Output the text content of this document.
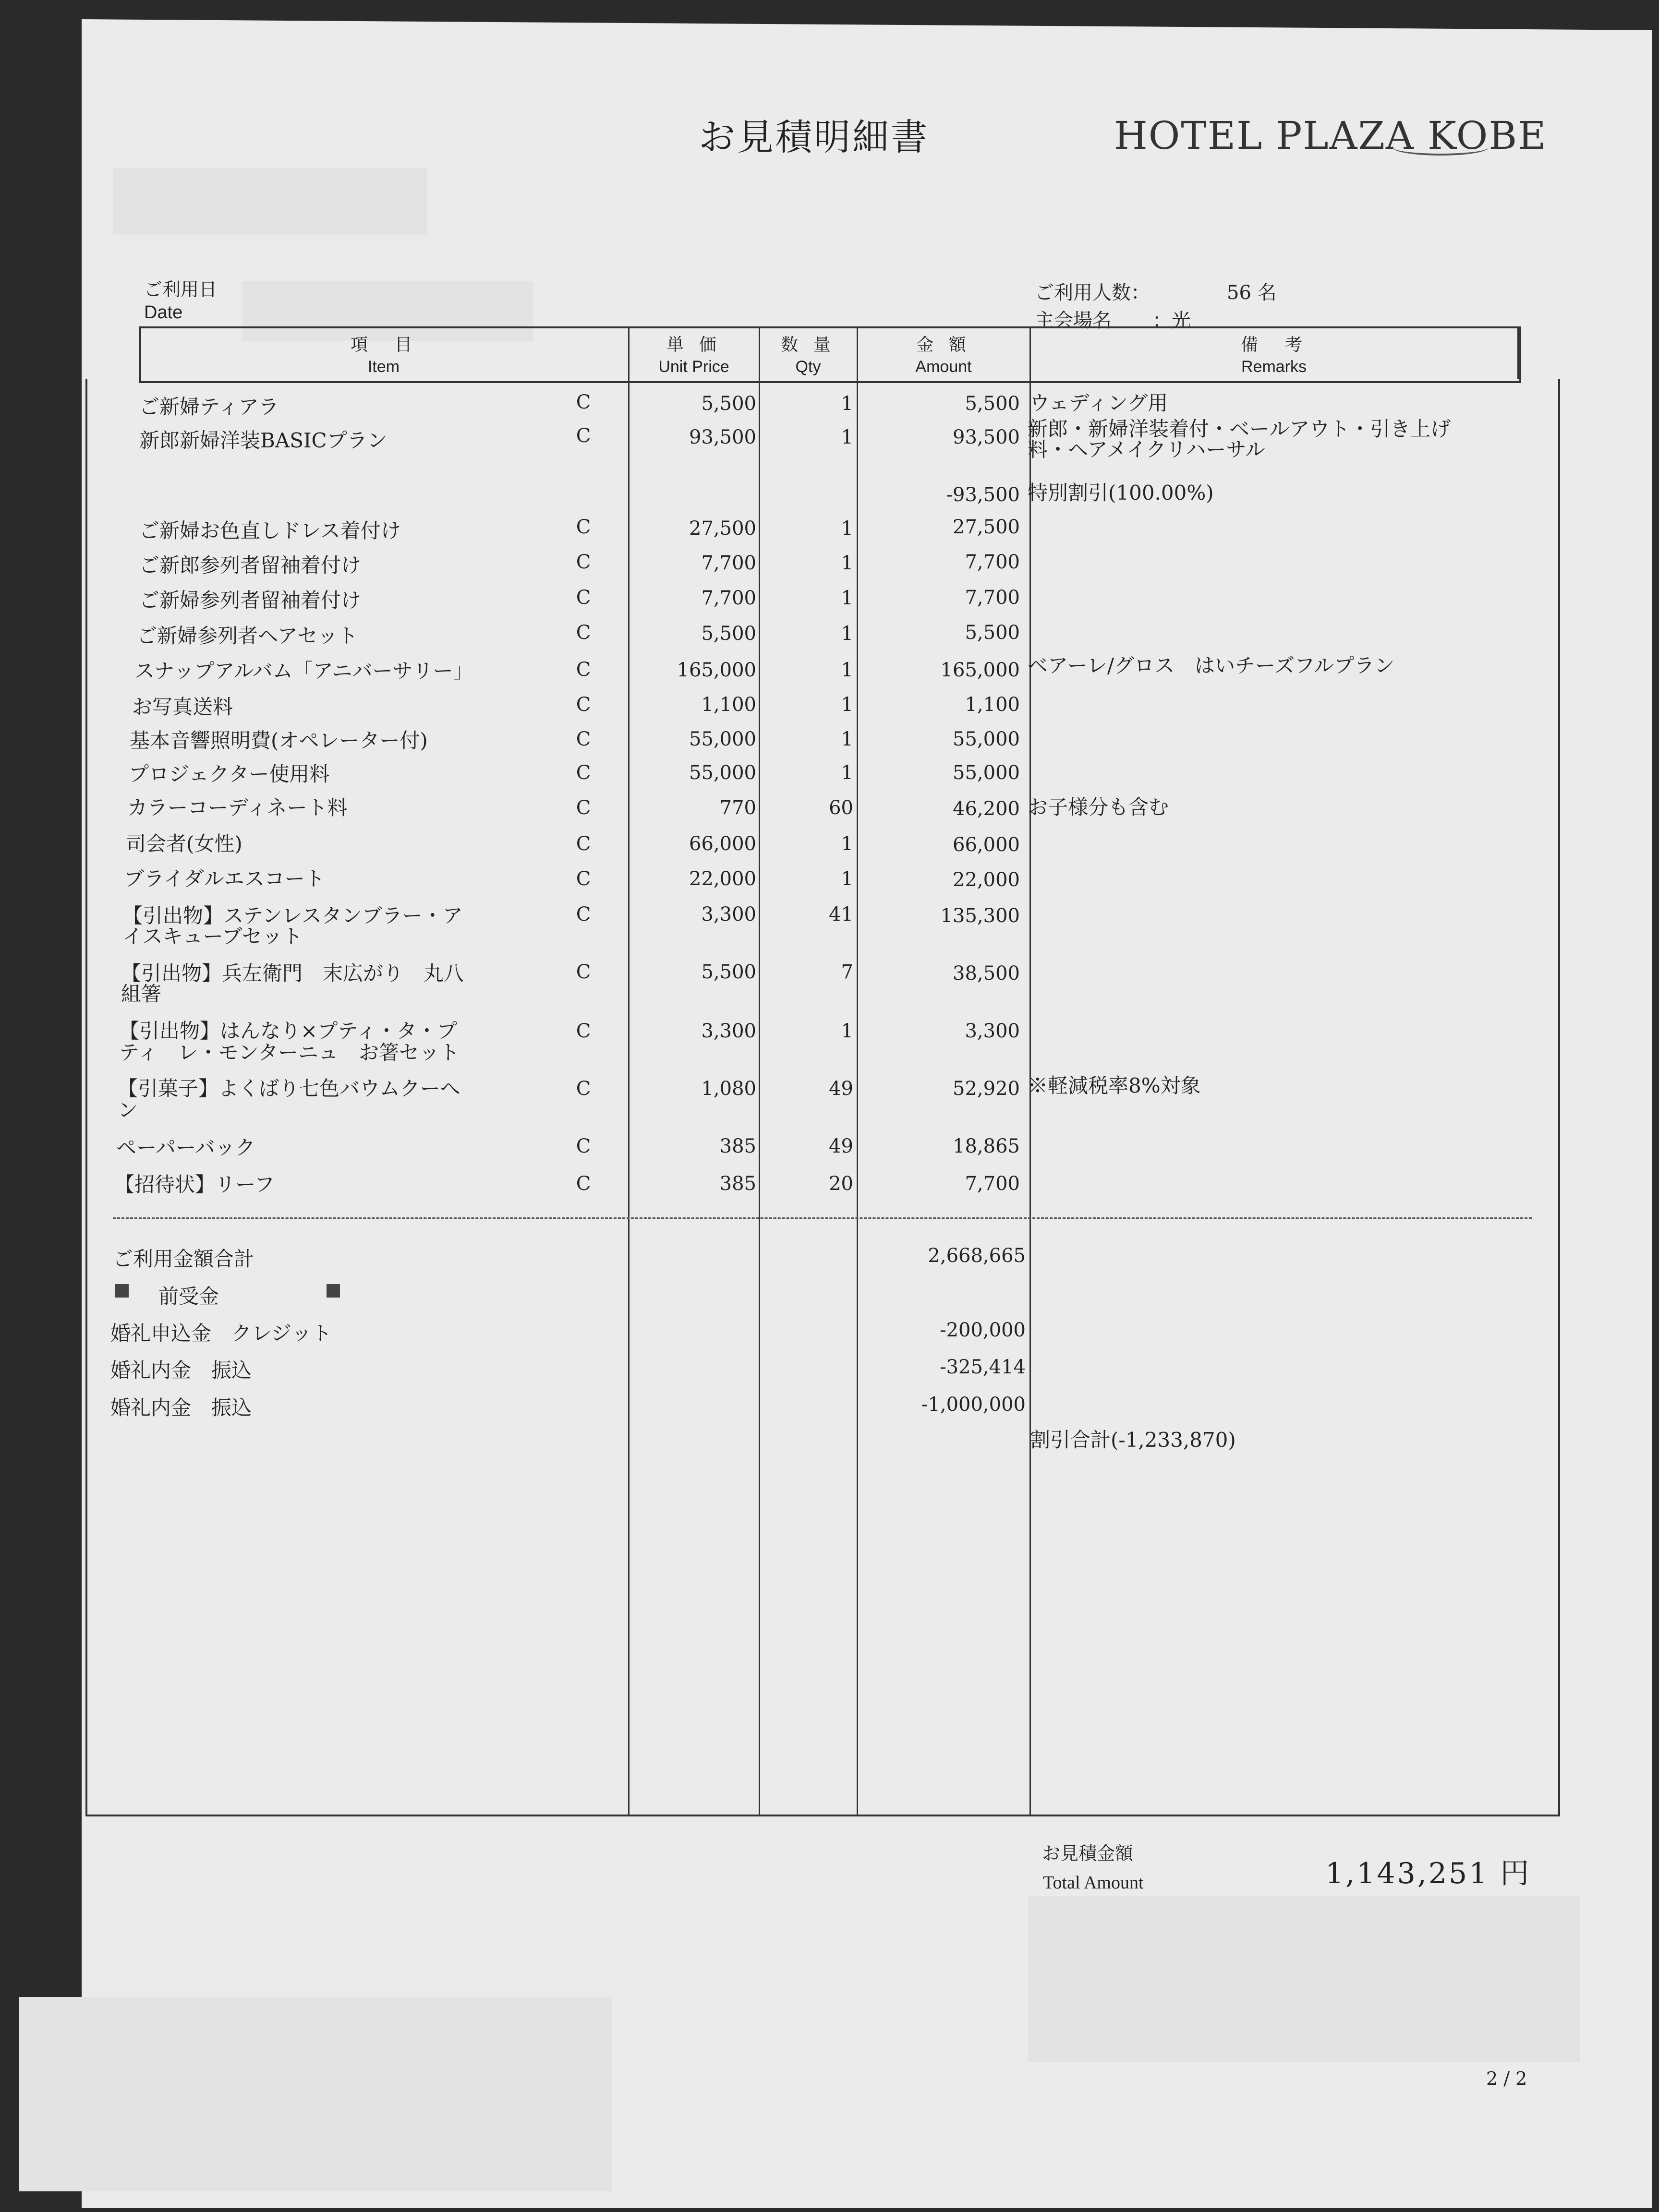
お見積明細書	HOTEL PLAZA KOBE
ご利用日
Date
ご利用人数：	56 名
主会場名 ：光
項　目
Item
単 価
Unit Price
数 量
Qty
金 額
Amount
備　考
Remarks
ご新婦ティアラ	C	5,500	1	5,500 ウェディング用
新郎新婦洋装BASICプラン	C	93,500	1	93,500 新郎・新婦洋装着付・ベールアウト・引き上げ
料・ヘアメイクリハーサル
-93,500 特別割引(100.00%)
ご新婦お色直しドレス着付け	C	27,500	1	27,500
ご新郎参列者留袖着付け	C	7,700	1	7,700
ご新婦参列者留袖着付け	C	7,700	1	7,700
ご新婦参列者ヘアセット	C	5,500	1	5,500
スナップアルバム「アニバーサリー」	C	165,000	1	165,000 ベアーレ/グロス　はいチーズフルプラン
お写真送料	C	1,100	1	1,100
基本音響照明費(オペレーター付)	C	55,000	1	55,000
プロジェクター使用料	C	55,000	1	55,000
カラーコーディネート料	C	770	60	46,200 お子様分も含む
司会者(女性)	C	66,000	1	66,000
ブライダルエスコート	C	22,000	1	22,000
【引出物】ステンレスタンブラー・ア
イスキューブセット
C	3,300	41	135,300
【引出物】兵左衛門　末広がり　丸八
組箸
C	5,500	7	38,500
【引出物】はんなり×プティ・タ・プ
ティ　レ・モンターニュ　お箸セット
C	3,300	1	3,300
【引菓子】よくばり七色バウムクーへ
ン
C	1,080	49	52,920 ※軽減税率8%対象
ペーパーバック	C	385	49	18,865
【招待状】リーフ	C	385	20	7,700
ご利用金額合計	2,668,665
前受金
婚礼申込金　クレジット	-200,000
婚礼内金　振込	-325,414
婚礼内金　振込	-1,000,000
割引合計(-1,233,870)
お見積金額
Total Amount	1,143,251 円
2 / 2
